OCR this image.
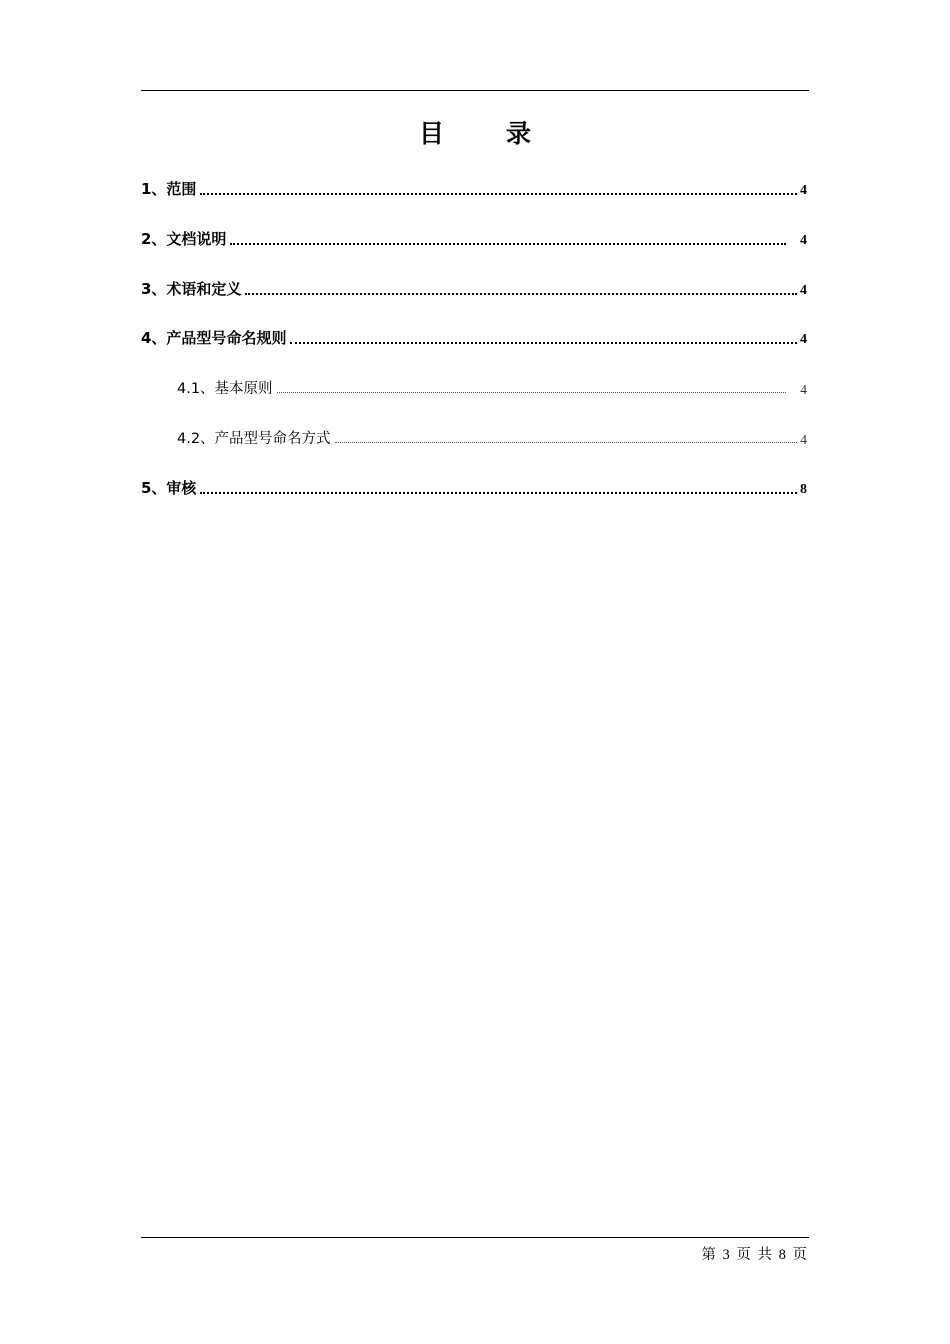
目 录
1、范围	4
2、文档说明	4
3、术语和定义	4
4、产品型号命名规则	4
4.1、基本原则	4
4.2、产品型号命名方式	4
5、审核	8
第 3 页 共 8 页
